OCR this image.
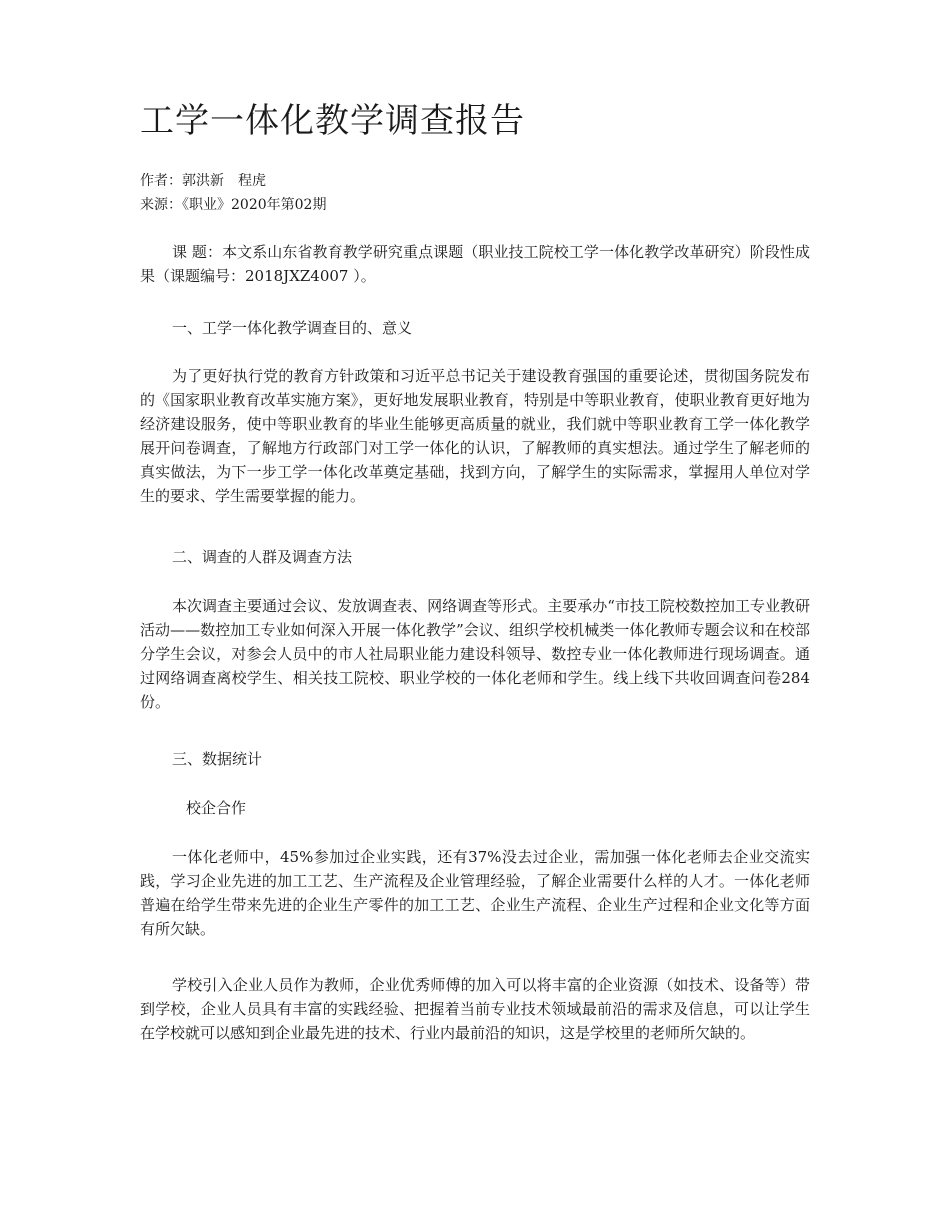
工学一体化教学调查报告
作者：郭洪新　程虎
来源：《职业》2020年第02期

课 题：本文系山东省教育教学研究重点课题（职业技工院校工学一体化教学改革研究）阶段性成果（课题编号：2018JXZ4007 ）。

一、工学一体化教学调查目的、意义

为了更好执行党的教育方针政策和习近平总书记关于建设教育强国的重要论述，贯彻国务院发布的《国家职业教育改革实施方案》，更好地发展职业教育，特别是中等职业教育，使职业教育更好地为经济建设服务，使中等职业教育的毕业生能够更高质量的就业，我们就中等职业教育工学一体化教学展开问卷调查，了解地方行政部门对工学一体化的认识，了解教师的真实想法。通过学生了解老师的真实做法，为下一步工学一体化改革奠定基础，找到方向，了解学生的实际需求，掌握用人单位对学生的要求、学生需要掌握的能力。

二、调查的人群及调查方法

本次调查主要通过会议、发放调查表、网络调查等形式。主要承办“市技工院校数控加工专业教研活动——数控加工专业如何深入开展一体化教学”会议、组织学校机械类一体化教师专题会议和在校部分学生会议，对参会人员中的市人社局职业能力建设科领导、数控专业一体化教师进行现场调查。通过网络调查离校学生、相关技工院校、职业学校的一体化老师和学生。线上线下共收回调查问卷284份。

三、数据统计

校企合作

一体化老师中，45%参加过企业实践，还有37%没去过企业，需加强一体化老师去企业交流实践，学习企业先进的加工工艺、生产流程及企业管理经验，了解企业需要什么样的人才。一体化老师普遍在给学生带来先进的企业生产零件的加工工艺、企业生产流程、企业生产过程和企业文化等方面有所欠缺。

学校引入企业人员作为教师，企业优秀师傅的加入可以将丰富的企业资源（如技术、设备等）带到学校，企业人员具有丰富的实践经验、把握着当前专业技术领域最前沿的需求及信息，可以让学生在学校就可以感知到企业最先进的技术、行业内最前沿的知识，这是学校里的老师所欠缺的。
